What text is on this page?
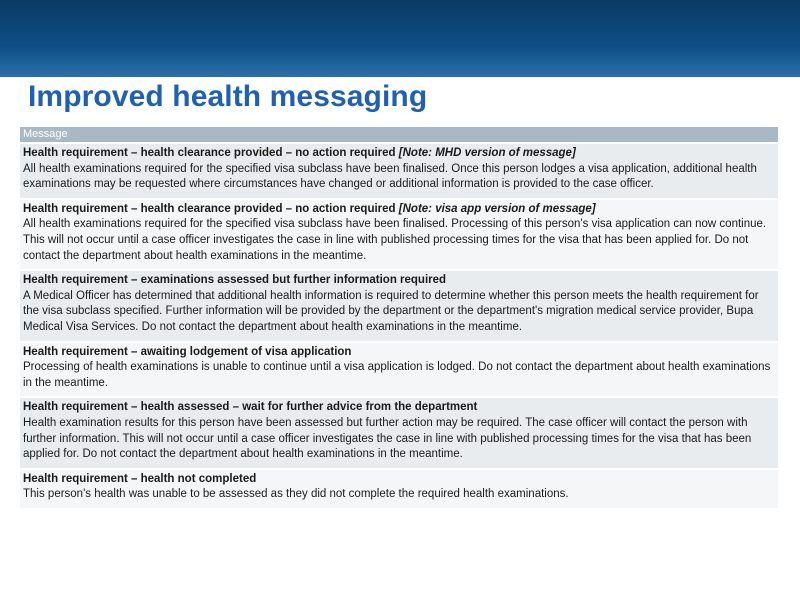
Improved health messaging
Message
Health requirement – health clearance provided – no action required [Note: MHD version of message]
All health examinations required for the specified visa subclass have been finalised. Once this person lodges a visa application, additional health examinations may be requested where circumstances have changed or additional information is provided to the case officer.

Health requirement – health clearance provided – no action required [Note: visa app version of message]
All health examinations required for the specified visa subclass have been finalised. Processing of this person's visa application can now continue. This will not occur until a case officer investigates the case in line with published processing times for the visa that has been applied for. Do not contact the department about health examinations in the meantime.

Health requirement – examinations assessed but further information required
A Medical Officer has determined that additional health information is required to determine whether this person meets the health requirement for the visa subclass specified. Further information will be provided by the department or the department's migration medical service provider, Bupa Medical Visa Services. Do not contact the department about health examinations in the meantime.

Health requirement – awaiting lodgement of visa application
Processing of health examinations is unable to continue until a visa application is lodged. Do not contact the department about health examinations in the meantime.

Health requirement – health assessed – wait for further advice from the department
Health examination results for this person have been assessed but further action may be required. The case officer will contact the person with further information. This will not occur until a case officer investigates the case in line with published processing times for the visa that has been applied for. Do not contact the department about health examinations in the meantime.

Health requirement – health not completed
This person's health was unable to be assessed as they did not complete the required health examinations.
